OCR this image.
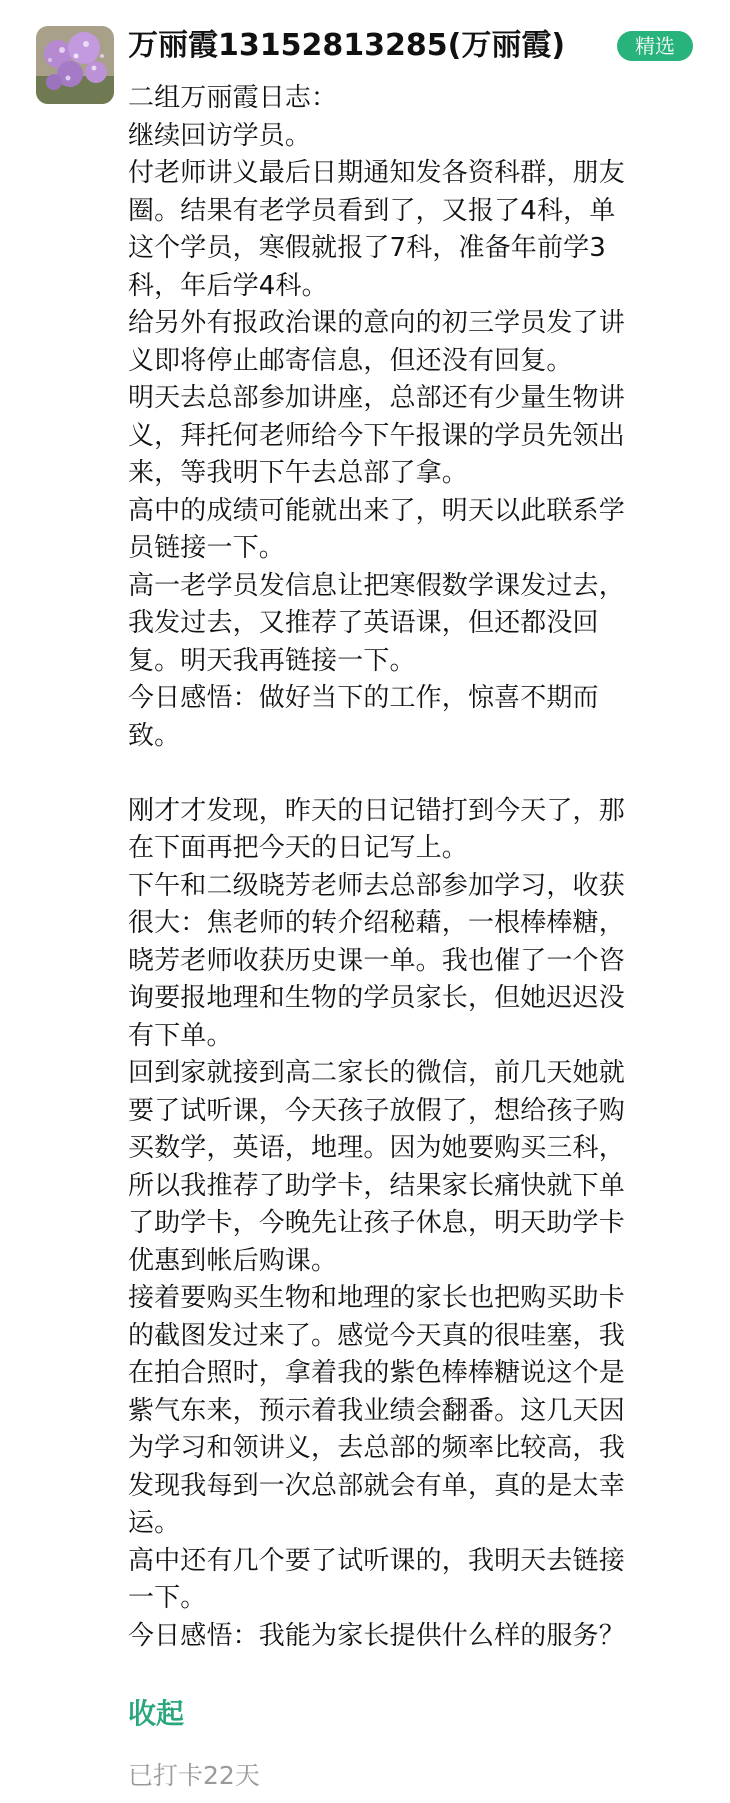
万丽霞13152813285(万丽霞)	精选
二组万丽霞日志：
继续回访学员。
付老师讲义最后日期通知发各资科群，朋友
圈。结果有老学员看到了，又报了4科，单
这个学员，寒假就报了7科，准备年前学3
科，年后学4科。
给另外有报政治课的意向的初三学员发了讲
义即将停止邮寄信息，但还没有回复。
明天去总部参加讲座，总部还有少量生物讲
义，拜托何老师给今下午报课的学员先领出
来，等我明下午去总部了拿。
高中的成绩可能就出来了，明天以此联系学
员链接一下。
高一老学员发信息让把寒假数学课发过去，
我发过去，又推荐了英语课，但还都没回
复。明天我再链接一下。
今日感悟：做好当下的工作，惊喜不期而
致。
刚才才发现，昨天的日记错打到今天了，那
在下面再把今天的日记写上。
下午和二级晓芳老师去总部参加学习，收获
很大：焦老师的转介绍秘藉，一根棒棒糖，
晓芳老师收获历史课一单。我也催了一个咨
询要报地理和生物的学员家长，但她迟迟没
有下单。
回到家就接到高二家长的微信，前几天她就
要了试听课，今天孩子放假了，想给孩子购
买数学，英语，地理。因为她要购买三科，
所以我推荐了助学卡，结果家长痛快就下单
了助学卡，今晚先让孩子休息，明天助学卡
优惠到帐后购课。
接着要购买生物和地理的家长也把购买助卡
的截图发过来了。感觉今天真的很哇塞，我
在拍合照时，拿着我的紫色棒棒糖说这个是
紫气东来，预示着我业绩会翻番。这几天因
为学习和领讲义，去总部的频率比较高，我
发现我每到一次总部就会有单，真的是太幸
运。
高中还有几个要了试听课的，我明天去链接
一下。
今日感悟：我能为家长提供什么样的服务？
收起
已打卡22天
